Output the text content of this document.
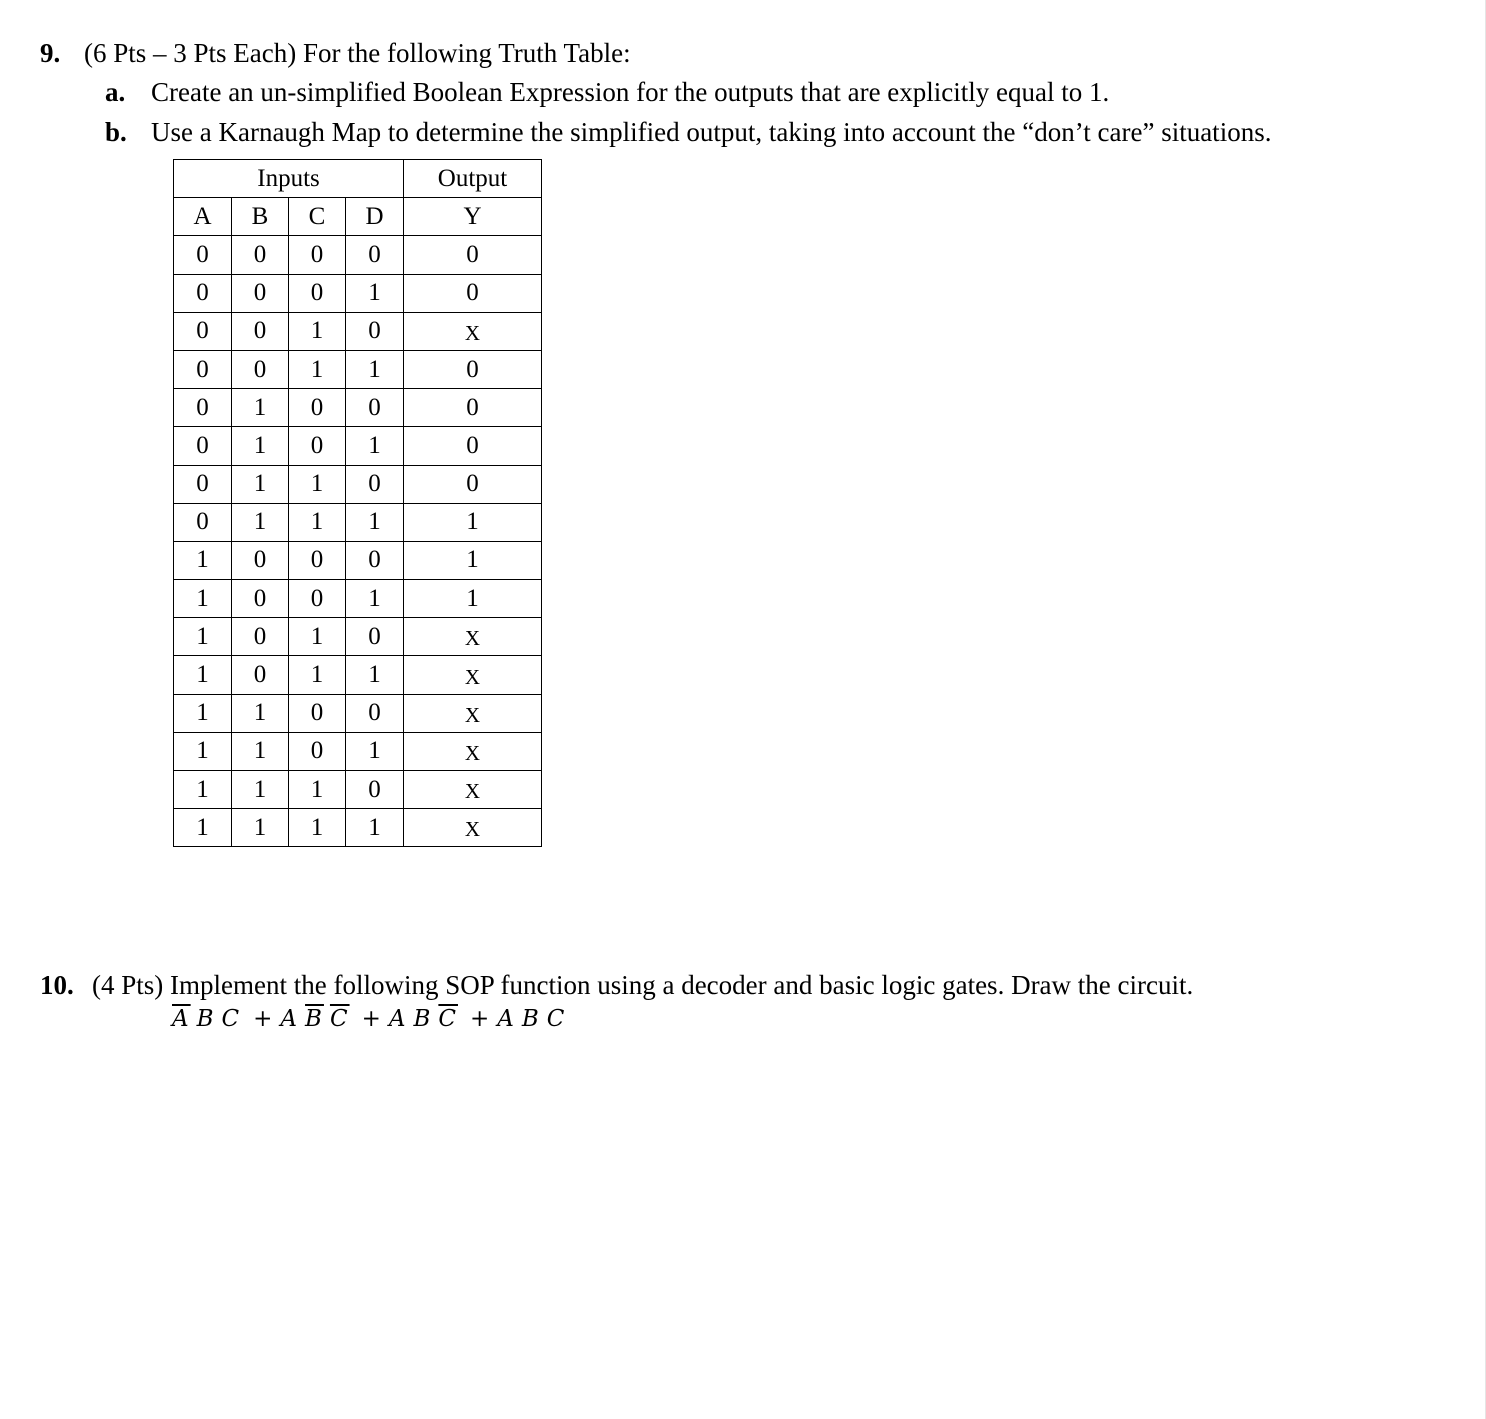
9. (6 Pts – 3 Pts Each) For the following Truth Table:
a. Create an un-simplified Boolean Expression for the outputs that are explicitly equal to 1.
b. Use a Karnaugh Map to determine the simplified output, taking into account the “don’t care” situations.
Inputs				Output
A	B	C	D	Y
0	0	0	0	0
0	0	0	1	0
0	0	1	0	X
0	0	1	1	0
0	1	0	0	0
0	1	0	1	0
0	1	1	0	0
0	1	1	1	1
1	0	0	0	1
1	0	0	1	1
1	0	1	0	X
1	0	1	1	X
1	1	0	0	X
1	1	0	1	X
1	1	1	0	X
1	1	1	1	X
10. (4 Pts) Implement the following SOP function using a decoder and basic logic gates. Draw the circuit.
$\overline{A}$ B C + A $\overline{B}$ $\overline{C} + A$ B $\overline{C} + A$ B C
